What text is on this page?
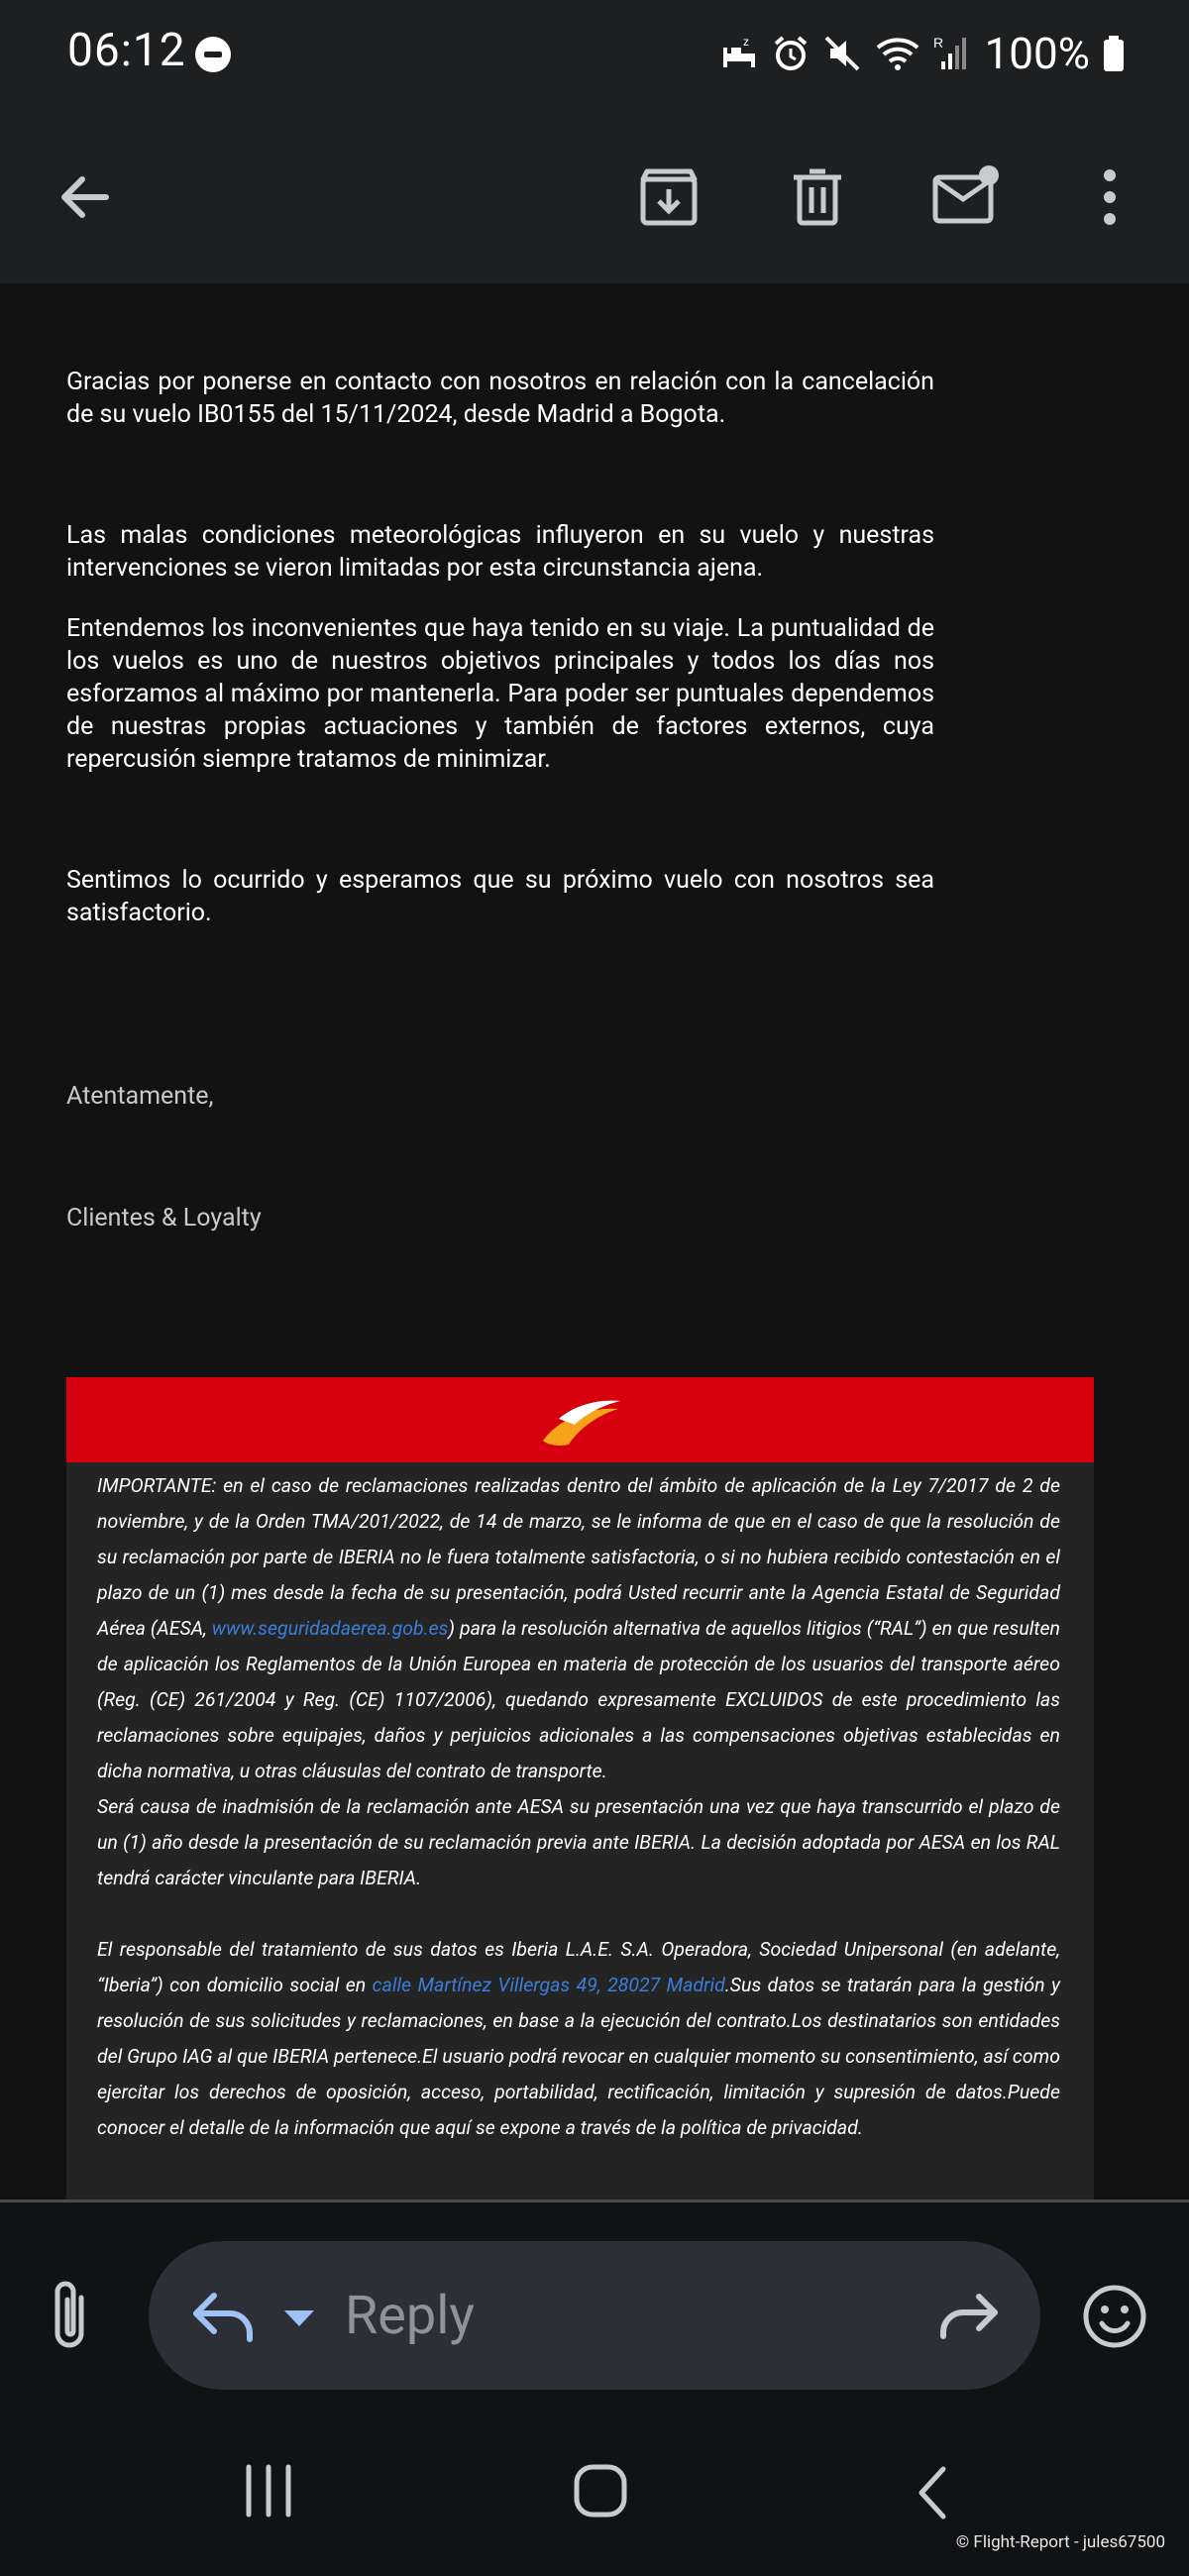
06:12	z	R 100%

Gracias por ponerse en contacto con nosotros en relación con la cancelación de su vuelo IB0155 del 15/11/2024, desde Madrid a Bogota.

Las malas condiciones meteorológicas influyeron en su vuelo y nuestras intervenciones se vieron limitadas por esta circunstancia ajena.

Entendemos los inconvenientes que haya tenido en su viaje. La puntualidad de los vuelos es uno de nuestros objetivos principales y todos los días nos esforzamos al máximo por mantenerla. Para poder ser puntuales dependemos de nuestras propias actuaciones y también de factores externos, cuya repercusión siempre tratamos de minimizar.

Sentimos lo ocurrido y esperamos que su próximo vuelo con nosotros sea satisfactorio.

Atentamente,

Clientes & Loyalty

IMPORTANTE: en el caso de reclamaciones realizadas dentro del ámbito de aplicación de la Ley 7/2017 de 2 de noviembre, y de la Orden TMA/201/2022, de 14 de marzo, se le informa de que en el caso de que la resolución de su reclamación por parte de IBERIA no le fuera totalmente satisfactoria, o si no hubiera recibido contestación en el plazo de un (1) mes desde la fecha de su presentación, podrá Usted recurrir ante la Agencia Estatal de Seguridad Aérea (AESA, www.seguridadaerea.gob.es) para la resolución alternativa de aquellos litigios (“RAL”) en que resulten de aplicación los Reglamentos de la Unión Europea en materia de protección de los usuarios del transporte aéreo (Reg. (CE) 261/2004 y Reg. (CE) 1107/2006), quedando expresamente EXCLUIDOS de este procedimiento las reclamaciones sobre equipajes, daños y perjuicios adicionales a las compensaciones objetivas establecidas en dicha normativa, u otras cláusulas del contrato de transporte.

Será causa de inadmisión de la reclamación ante AESA su presentación una vez que haya transcurrido el plazo de un (1) año desde la presentación de su reclamación previa ante IBERIA. La decisión adoptada por AESA en los RAL tendrá carácter vinculante para IBERIA.

El responsable del tratamiento de sus datos es Iberia L.A.E. S.A. Operadora, Sociedad Unipersonal (en adelante, “Iberia”) con domicilio social en calle Martínez Villergas 49, 28027 Madrid.Sus datos se tratarán para la gestión y resolución de sus solicitudes y reclamaciones, en base a la ejecución del contrato.Los destinatarios son entidades del Grupo IAG al que IBERIA pertenece.El usuario podrá revocar en cualquier momento su consentimiento, así como ejercitar los derechos de oposición, acceso, portabilidad, rectificación, limitación y supresión de datos.Puede conocer el detalle de la información que aquí se expone a través de la política de privacidad.

Reply
© Flight-Report - jules67500
